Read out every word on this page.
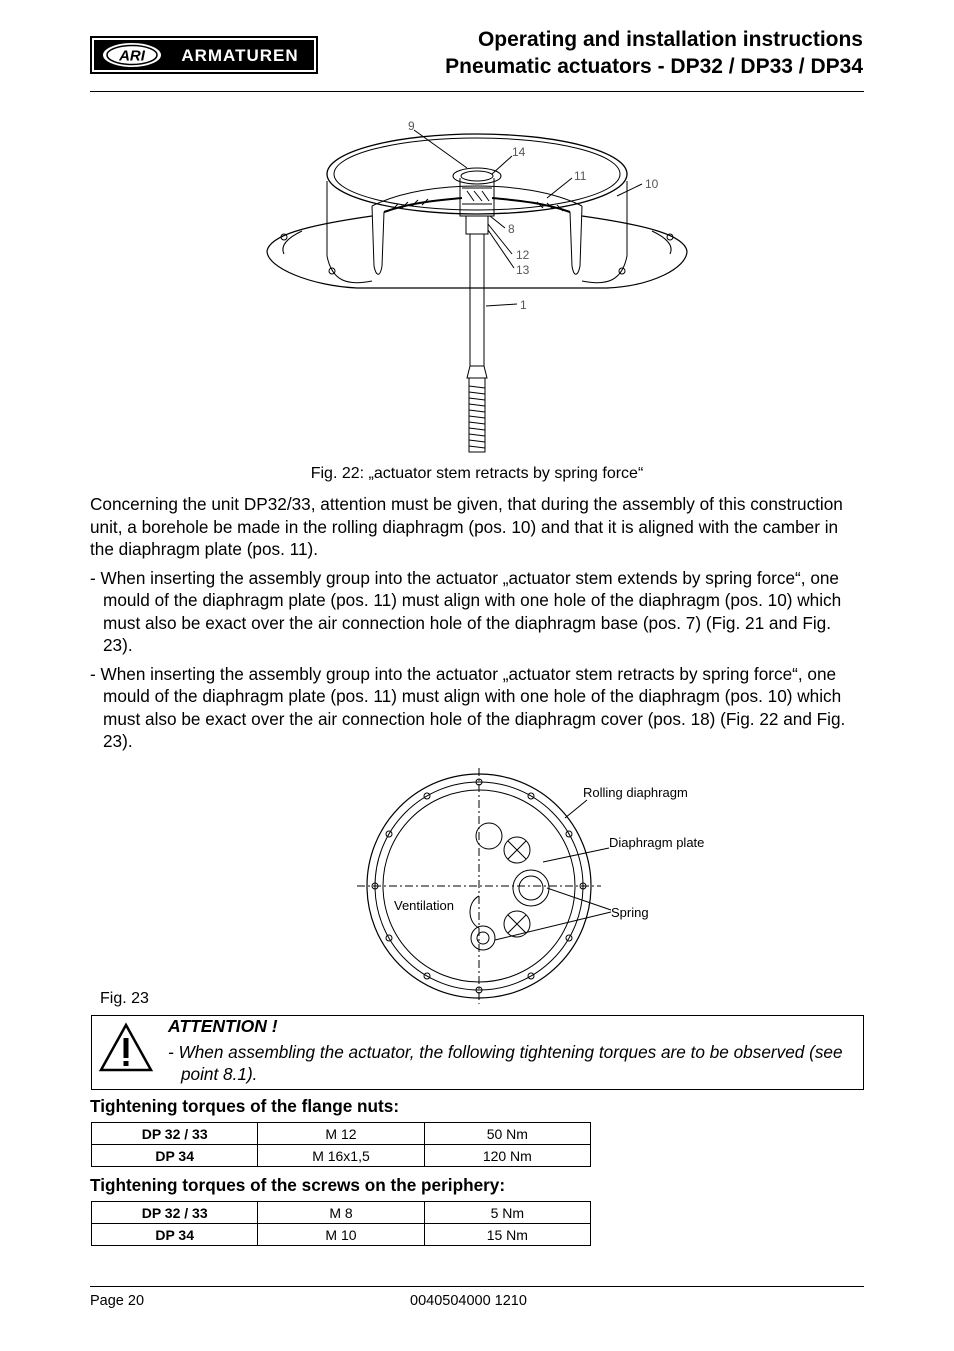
ARI ARMATUREN
Operating and installation instructions
Pneumatic actuators - DP32 / DP33 / DP34
9
14
11
10
8
12
13
1
Fig. 22: „actuator stem retracts by spring force“

Concerning the unit DP32/33, attention must be given, that during the assembly of this construction unit, a borehole be made in the rolling diaphragm (pos. 10) and that it is aligned with the camber in the diaphragm plate (pos. 11).

- When inserting the assembly group into the actuator „actuator stem extends by spring force“, one mould of the diaphragm plate (pos. 11) must align with one hole of the diaphragm (pos. 10) which must also be exact over the air connection hole of the diaphragm base (pos. 7) (Fig. 21 and Fig. 23).

- When inserting the assembly group into the actuator „actuator stem retracts by spring force“, one mould of the diaphragm plate (pos. 11) must align with one hole of the diaphragm (pos. 10) which must also be exact over the air connection hole of the diaphragm cover (pos. 18) (Fig. 22 and Fig. 23).

Rolling diaphragm
Diaphragm plate
Ventilation	Spring
Fig. 23
ATTENTION !
- When assembling the actuator, the following tightening torques are to be observed (see point 8.1).
Tightening torques of the flange nuts:
DP 32 / 33	M 12	50 Nm
DP 34	M 16x1,5	120 Nm
Tightening torques of the screws on the periphery:
DP 32 / 33	M 8	5 Nm
DP 34	M 10	15 Nm
Page 20	0040504000 1210
